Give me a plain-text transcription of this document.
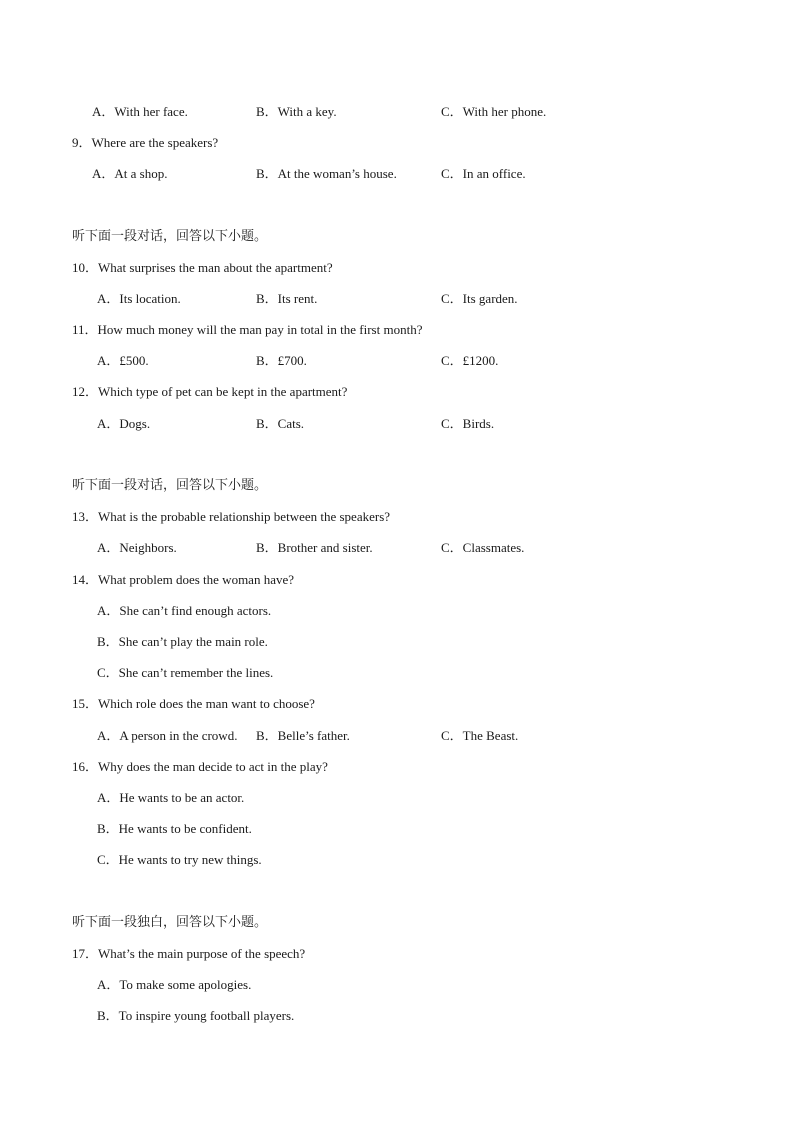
A．With her face.	B．With a key.	C．With her phone.
9．Where are the speakers?
A．At a shop.	B．At the woman’s house.	C．In an office.
听下面一段对话，回答以下小题。
10．What surprises the man about the apartment?
A．Its location.	B．Its rent.	C．Its garden.
11．How much money will the man pay in total in the first month?
A．£500.	B．£700.	C．£1200.
12．Which type of pet can be kept in the apartment?
A．Dogs.	B．Cats.	C．Birds.
听下面一段对话，回答以下小题。
13．What is the probable relationship between the speakers?
A．Neighbors.	B．Brother and sister.	C．Classmates.
14．What problem does the woman have?
A．She can’t find enough actors.
B．She can’t play the main role.
C．She can’t remember the lines.
15．Which role does the man want to choose?
A．A person in the crowd. B．Belle’s father.	C．The Beast.
16．Why does the man decide to act in the play?
A．He wants to be an actor.
B．He wants to be confident.
C．He wants to try new things.
听下面一段独白，回答以下小题。
17．What’s the main purpose of the speech?
A．To make some apologies.
B．To inspire young football players.
